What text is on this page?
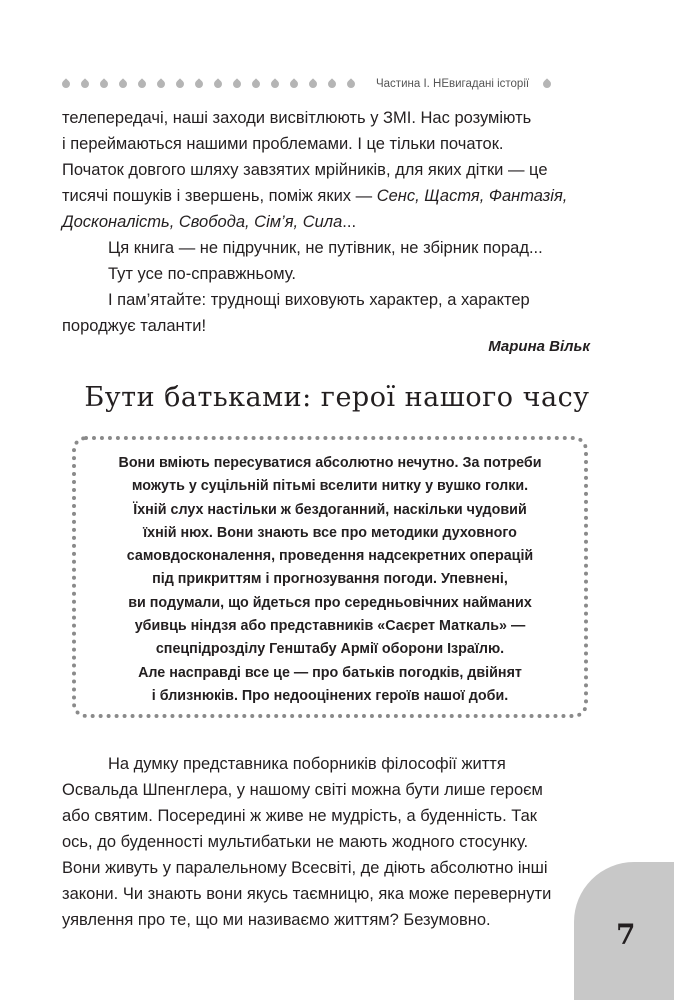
Частина І. НЕвигадані історії
телепередачі, наші заходи висвітлюють у ЗМІ. Нас розуміють
і переймаються нашими проблемами. І це тільки початок.
Початок довгого шляху завзятих мрійників, для яких дітки — це
тисячі пошуків і звершень, поміж яких — Сенс, Щастя, Фантазія,
Досконалість, Свобода, Сім’я, Сила...
Ця книга — не підручник, не путівник, не збірник порад...
Тут усе по-справжньому.
І пам’ятайте: труднощі виховують характер, а характер
породжує таланти!
Марина Вільк
Бути батьками: герої нашого часу
Вони вміють пересуватися абсолютно нечутно. За потреби
можуть у суцільній пітьмі вселити нитку у вушко голки.
Їхній слух настільки ж бездоганний, наскільки чудовий
їхній нюх. Вони знають все про методики духовного
самовдосконалення, проведення надсекретних операцій
під прикриттям і прогнозування погоди. Упевнені,
ви подумали, що йдеться про середньовічних найманих
убивць ніндзя або представників «Саєрет Маткаль» —
спецпідрозділу Генштабу Армії оборони Ізраїлю.
Але насправді все це — про батьків погодків, двійнят
і близнюків. Про недооцінених героїв нашої доби.
На думку представника поборників філософії життя
Освальда Шпенглера, у нашому світі можна бути лише героєм
або святим. Посередині ж живе не мудрість, а буденність. Так
ось, до буденності мультибатьки не мають жодного стосунку.
Вони живуть у паралельному Всесвіті, де діють абсолютно інші
закони. Чи знають вони якусь таємницю, яка може перевернути
уявлення про те, що ми називаємо життям? Безумовно.	7
